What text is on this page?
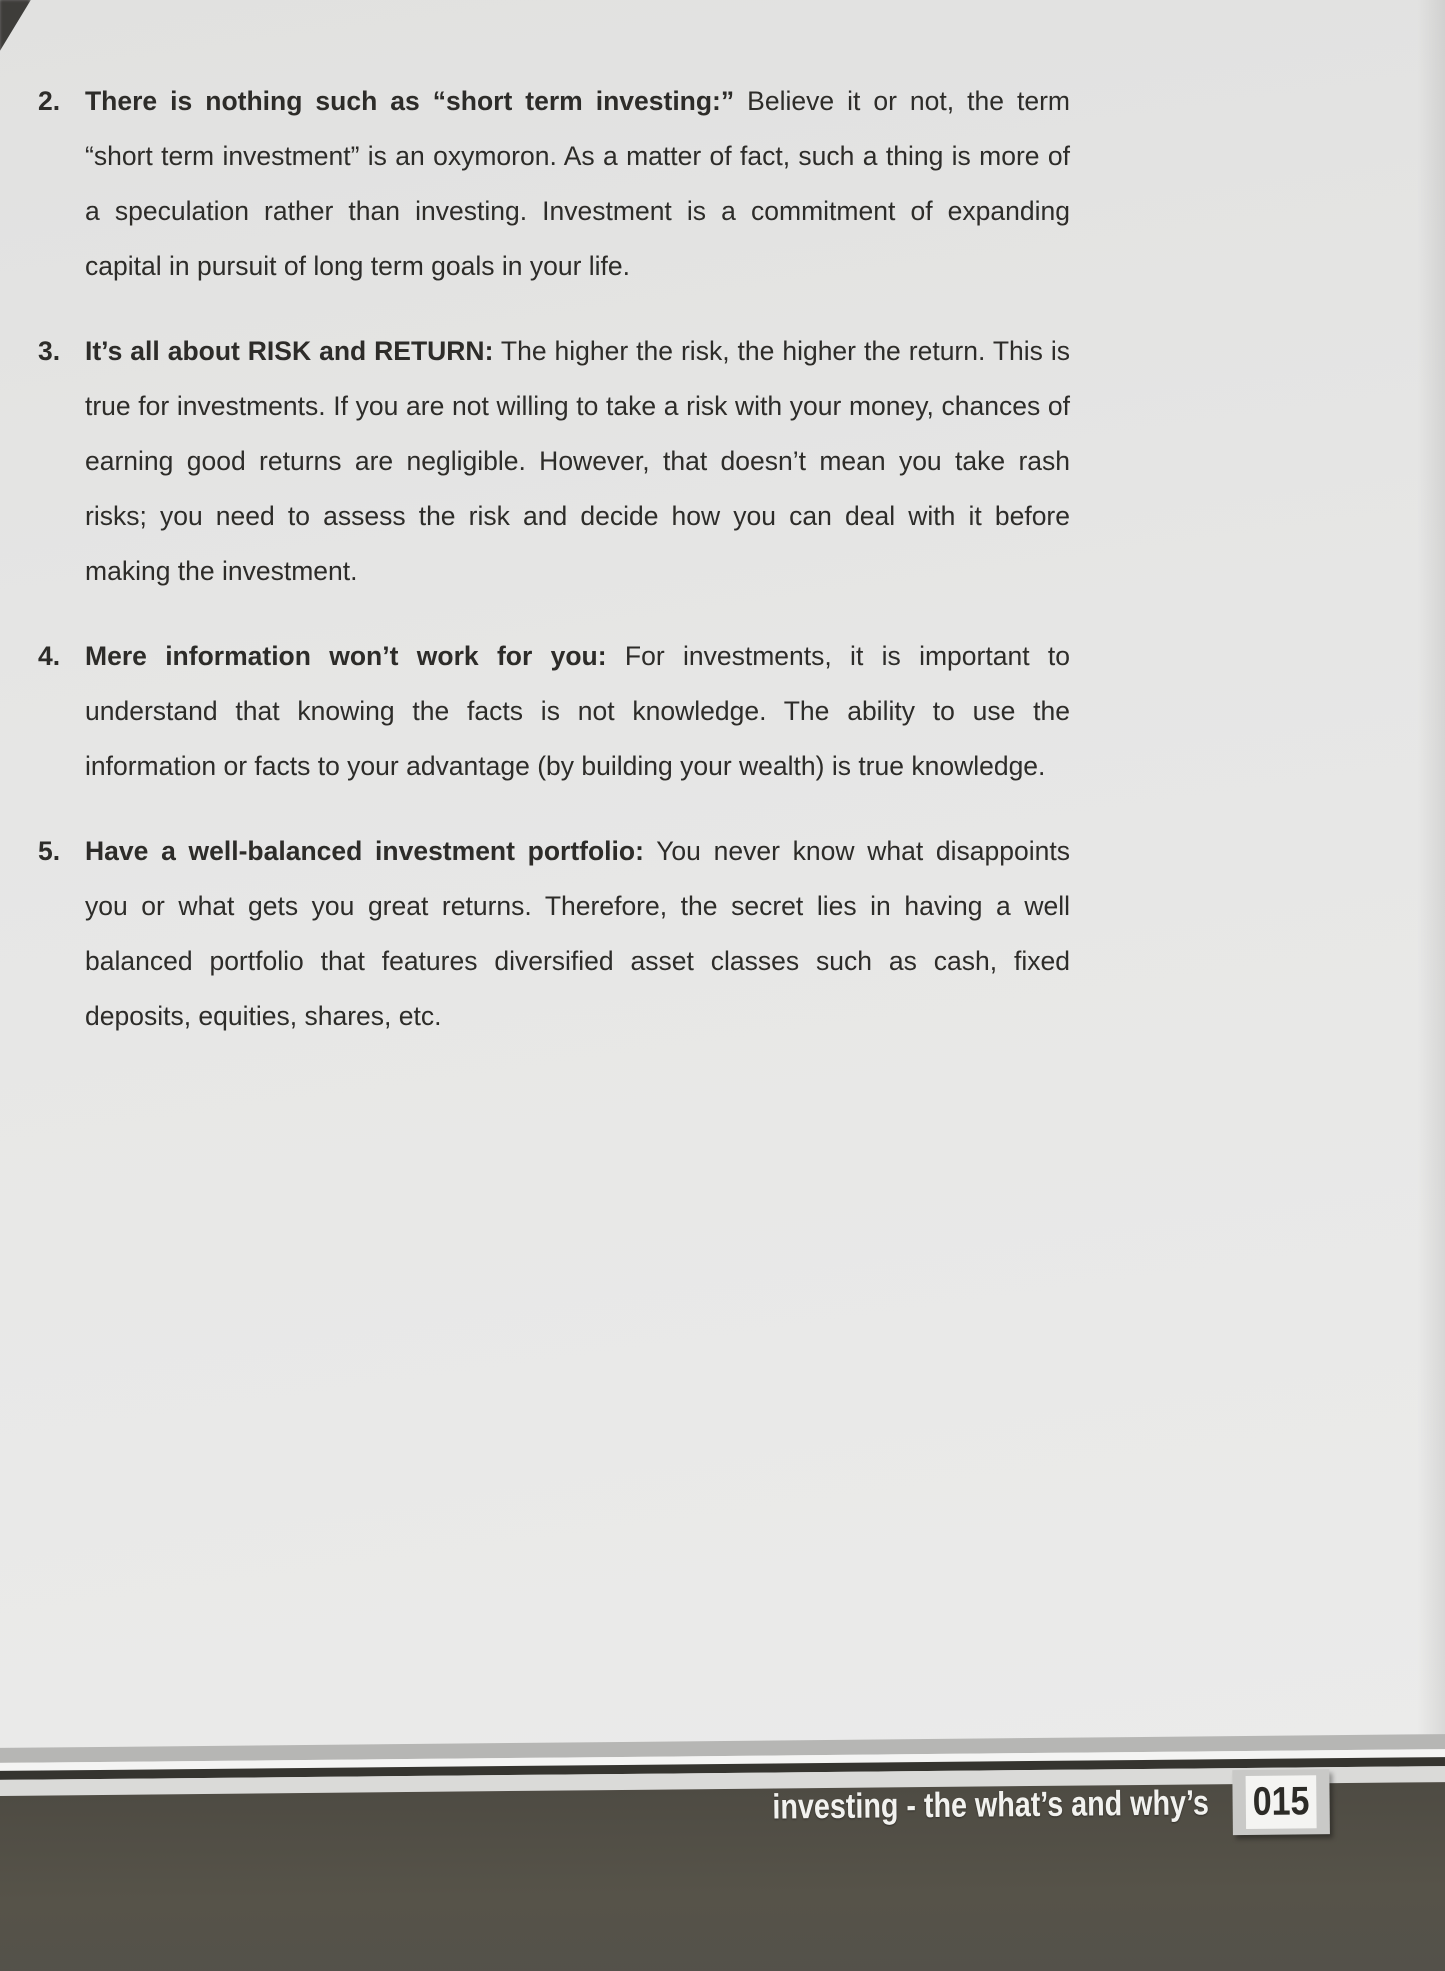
2. There is nothing such as “short term investing:” Believe it or not, the term “short term investment” is an oxymoron. As a matter of fact, such a thing is more of a speculation rather than investing. Investment is a commitment of expanding capital in pursuit of long term goals in your life.

3. It’s all about RISK and RETURN: The higher the risk, the higher the return. This is true for investments. If you are not willing to take a risk with your money, chances of earning good returns are negligible. However, that doesn’t mean you take rash risks; you need to assess the risk and decide how you can deal with it before making the investment.

4. Mere information won’t work for you: For investments, it is important to understand that knowing the facts is not knowledge. The ability to use the information or facts to your advantage (by building your wealth) is true knowledge.

5. Have a well-balanced investment portfolio: You never know what disappoints you or what gets you great returns. Therefore, the secret lies in having a well balanced portfolio that features diversified asset classes such as cash, fixed deposits, equities, shares, etc.

investing - the what’s and why’s 015
